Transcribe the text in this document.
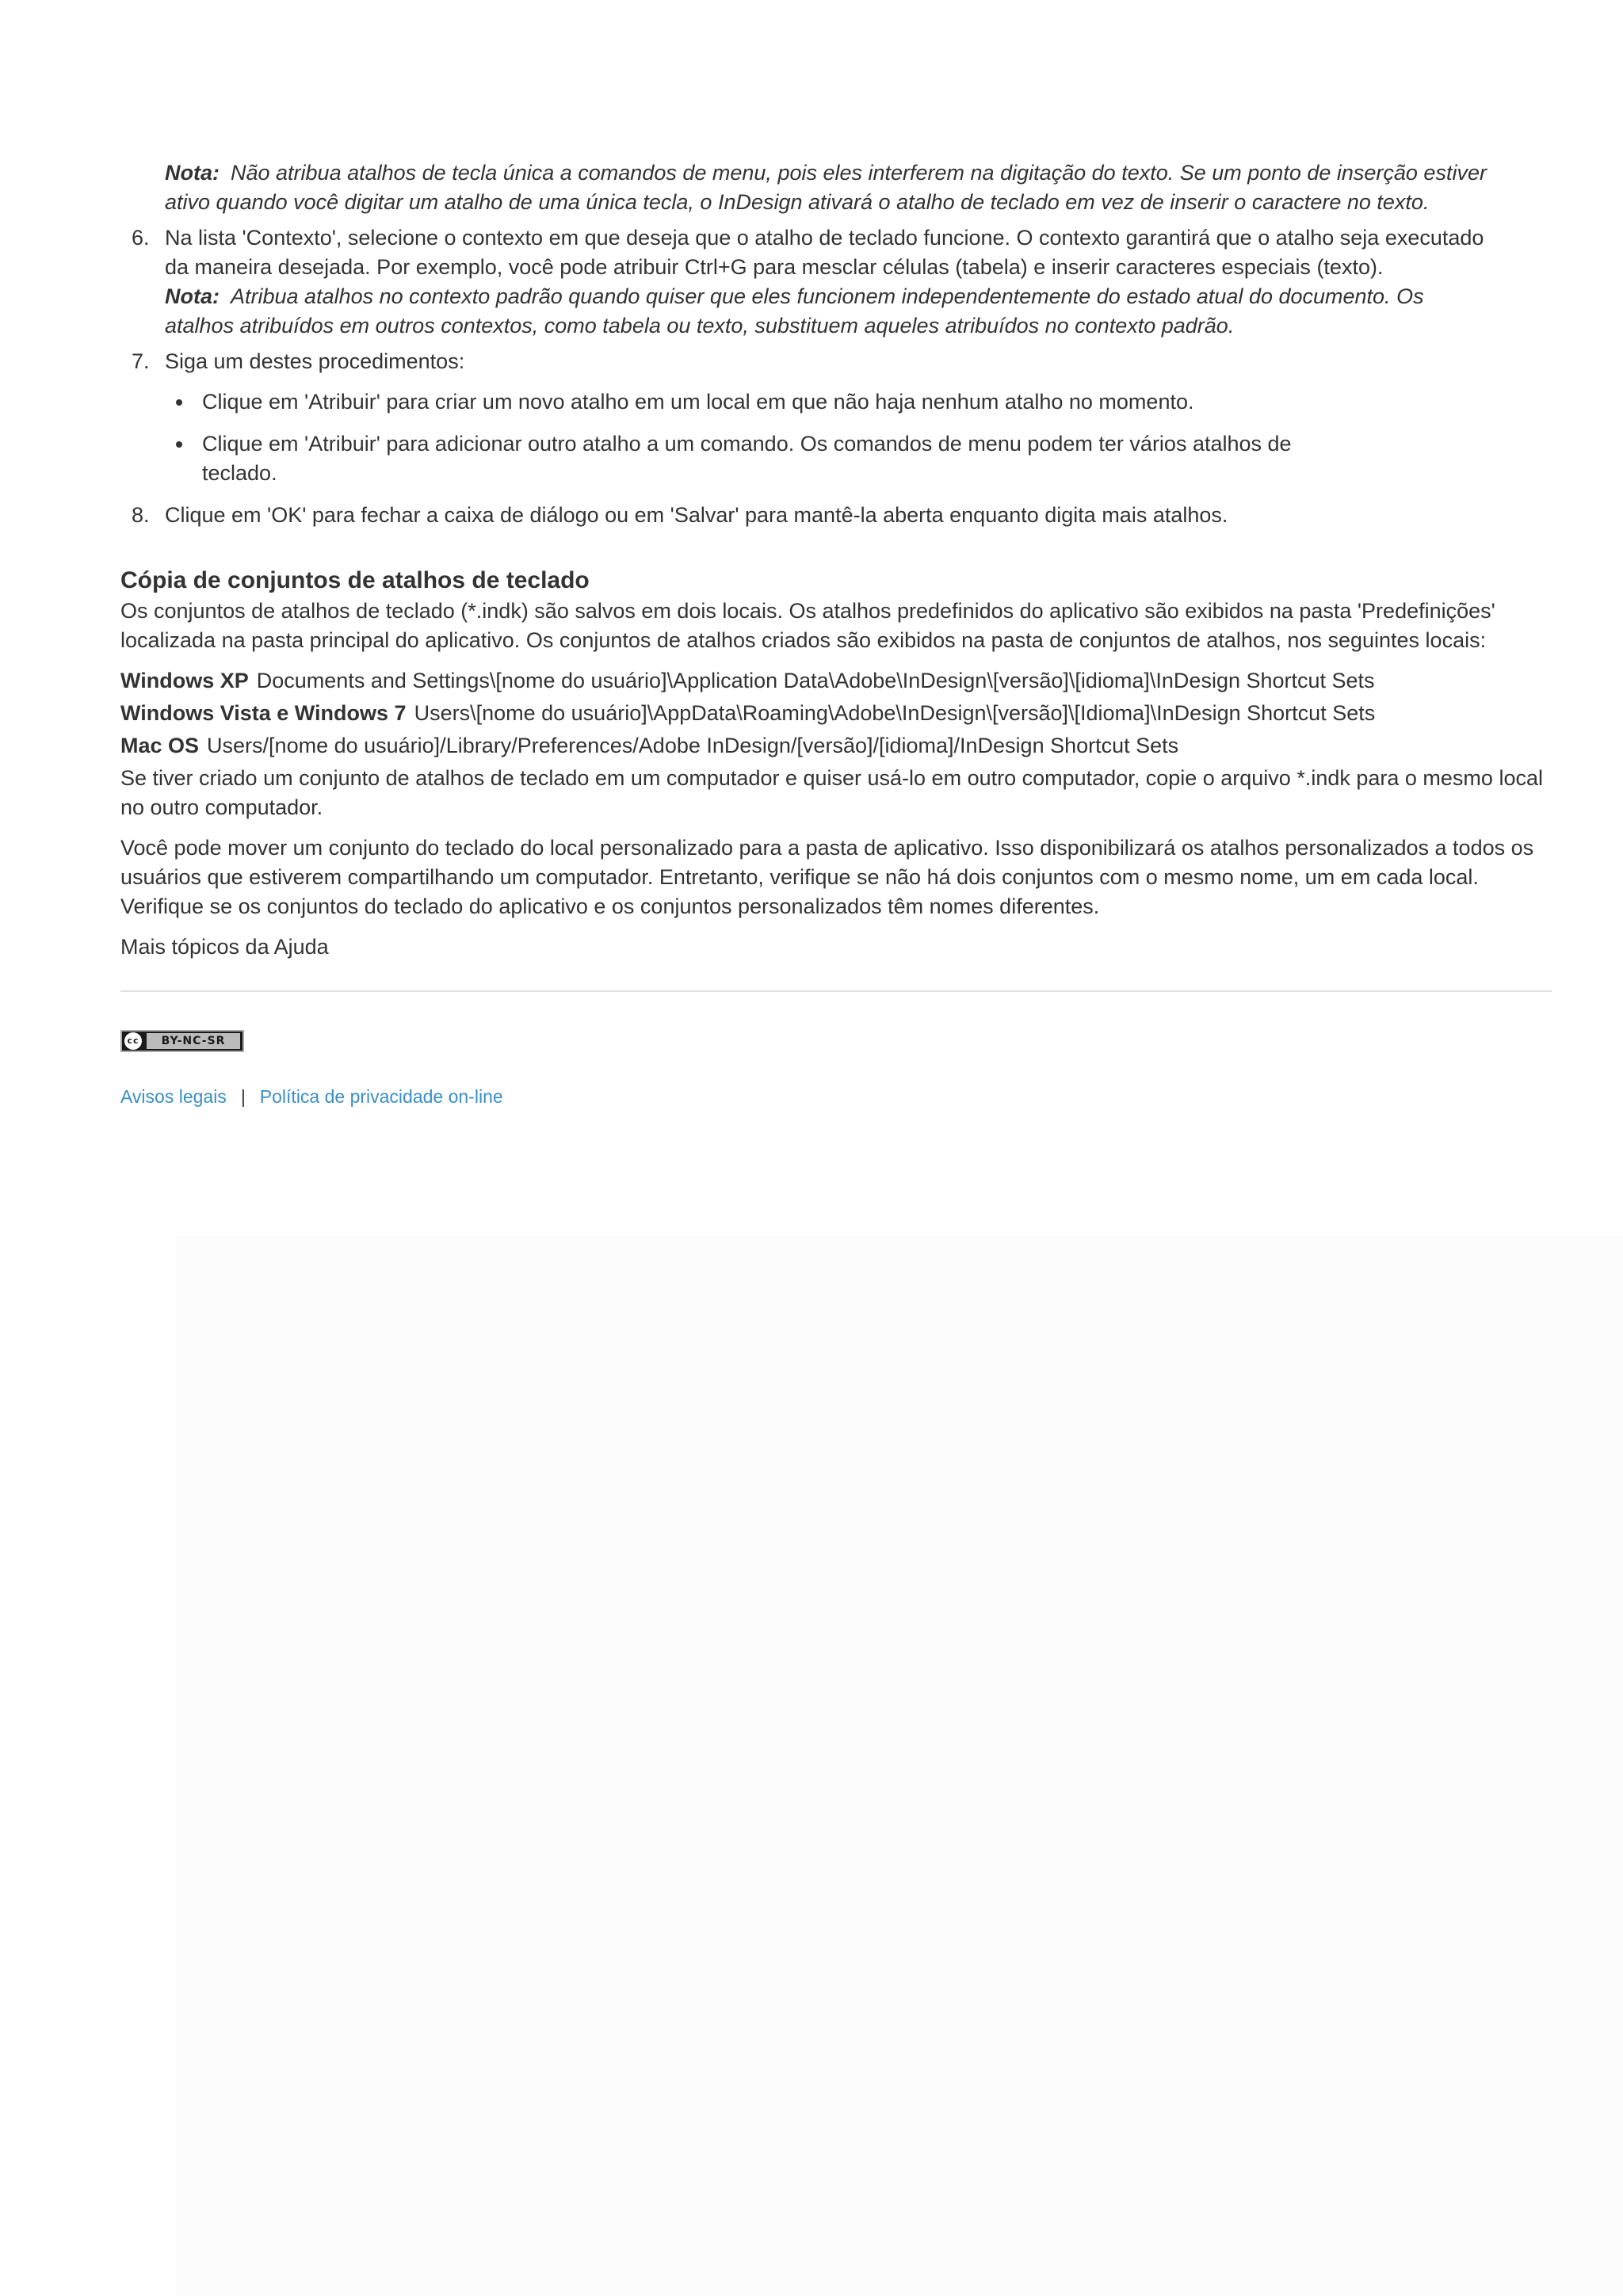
Nota: Não atribua atalhos de tecla única a comandos de menu, pois eles interferem na digitação do texto. Se um ponto de inserção estiver ativo quando você digitar um atalho de uma única tecla, o InDesign ativará o atalho de teclado em vez de inserir o caractere no texto.
6. Na lista 'Contexto', selecione o contexto em que deseja que o atalho de teclado funcione. O contexto garantirá que o atalho seja executado da maneira desejada. Por exemplo, você pode atribuir Ctrl+G para mesclar células (tabela) e inserir caracteres especiais (texto).
Nota: Atribua atalhos no contexto padrão quando quiser que eles funcionem independentemente do estado atual do documento. Os atalhos atribuídos em outros contextos, como tabela ou texto, substituem aqueles atribuídos no contexto padrão.
7. Siga um destes procedimentos:
Clique em 'Atribuir' para criar um novo atalho em um local em que não haja nenhum atalho no momento.
Clique em 'Atribuir' para adicionar outro atalho a um comando. Os comandos de menu podem ter vários atalhos de teclado.
8. Clique em 'OK' para fechar a caixa de diálogo ou em 'Salvar' para mantê-la aberta enquanto digita mais atalhos.
Cópia de conjuntos de atalhos de teclado

Os conjuntos de atalhos de teclado (*.indk) são salvos em dois locais. Os atalhos predefinidos do aplicativo são exibidos na pasta 'Predefinições' localizada na pasta principal do aplicativo. Os conjuntos de atalhos criados são exibidos na pasta de conjuntos de atalhos, nos seguintes locais:

Windows XP Documents and Settings\[nome do usuário]\Application Data\Adobe\InDesign\[versão]\[idioma]\InDesign Shortcut Sets
Windows Vista e Windows 7 Users\[nome do usuário]\AppData\Roaming\Adobe\InDesign\[versão]\[Idioma]\InDesign Shortcut Sets
Mac OS Users/[nome do usuário]/Library/Preferences/Adobe InDesign/[versão]/[idioma]/InDesign Shortcut Sets

Se tiver criado um conjunto de atalhos de teclado em um computador e quiser usá-lo em outro computador, copie o arquivo *.indk para o mesmo local no outro computador.

Você pode mover um conjunto do teclado do local personalizado para a pasta de aplicativo. Isso disponibilizará os atalhos personalizados a todos os usuários que estiverem compartilhando um computador. Entretanto, verifique se não há dois conjuntos com o mesmo nome, um em cada local. Verifique se os conjuntos do teclado do aplicativo e os conjuntos personalizados têm nomes diferentes.

Mais tópicos da Ajuda

cc	BY-NC-SR
Avisos legais | Política de privacidade on-line
